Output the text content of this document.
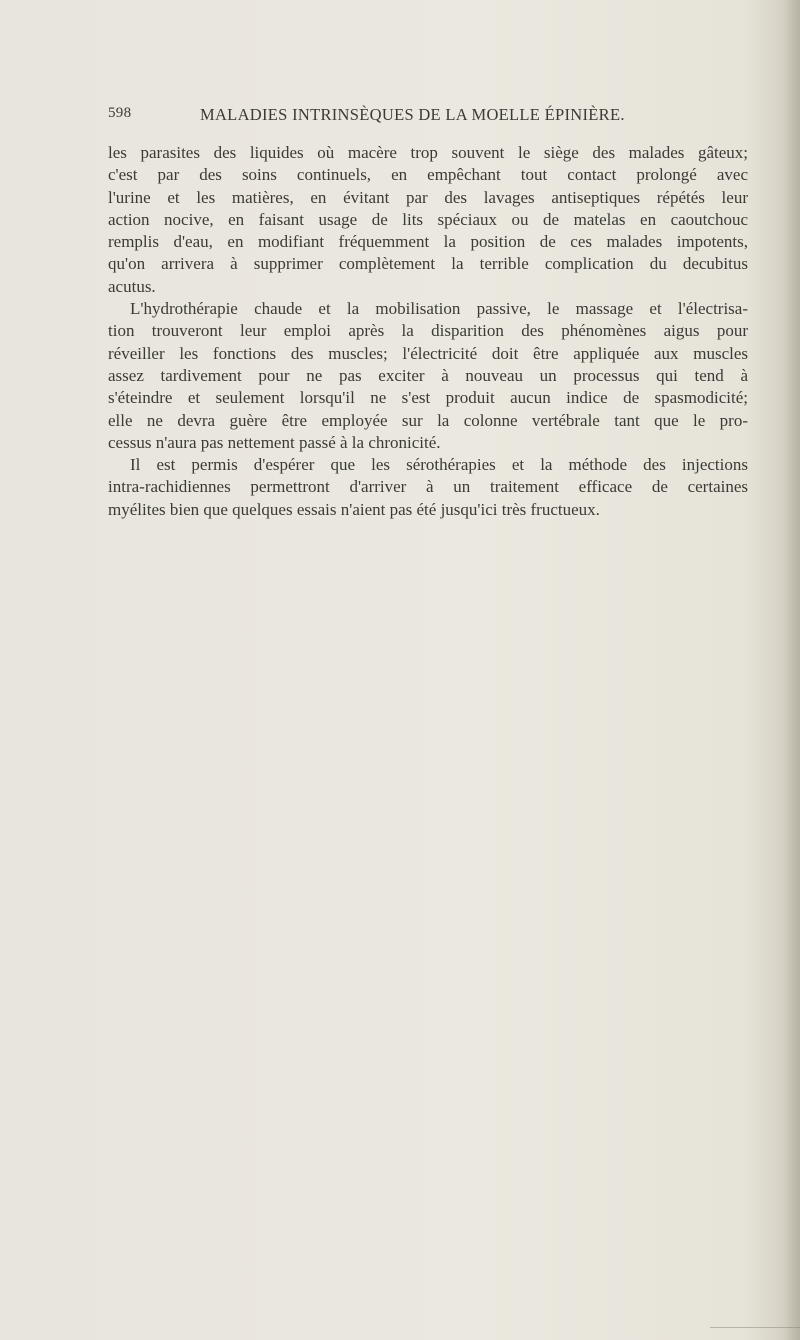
598	MALADIES INTRINSÈQUES DE LA MOELLE ÉPINIÈRE.
les parasites des liquides où macère trop souvent le siège des malades gâteux;
c'est par des soins continuels, en empêchant tout contact prolongé avec
l'urine et les matières, en évitant par des lavages antiseptiques répétés leur
action nocive, en faisant usage de lits spéciaux ou de matelas en caoutchouc
remplis d'eau, en modifiant fréquemment la position de ces malades impotents,
qu'on arrivera à supprimer complètement la terrible complication du decubitus
acutus.
L'hydrothérapie chaude et la mobilisation passive, le massage et l'électrisa-
tion trouveront leur emploi après la disparition des phénomènes aigus pour
réveiller les fonctions des muscles; l'électricité doit être appliquée aux muscles
assez tardivement pour ne pas exciter à nouveau un processus qui tend à
s'éteindre et seulement lorsqu'il ne s'est produit aucun indice de spasmodicité;
elle ne devra guère être employée sur la colonne vertébrale tant que le pro-
cessus n'aura pas nettement passé à la chronicité.
Il est permis d'espérer que les sérothérapies et la méthode des injections
intra-rachidiennes permettront d'arriver à un traitement efficace de certaines
myélites bien que quelques essais n'aient pas été jusqu'ici très fructueux.
